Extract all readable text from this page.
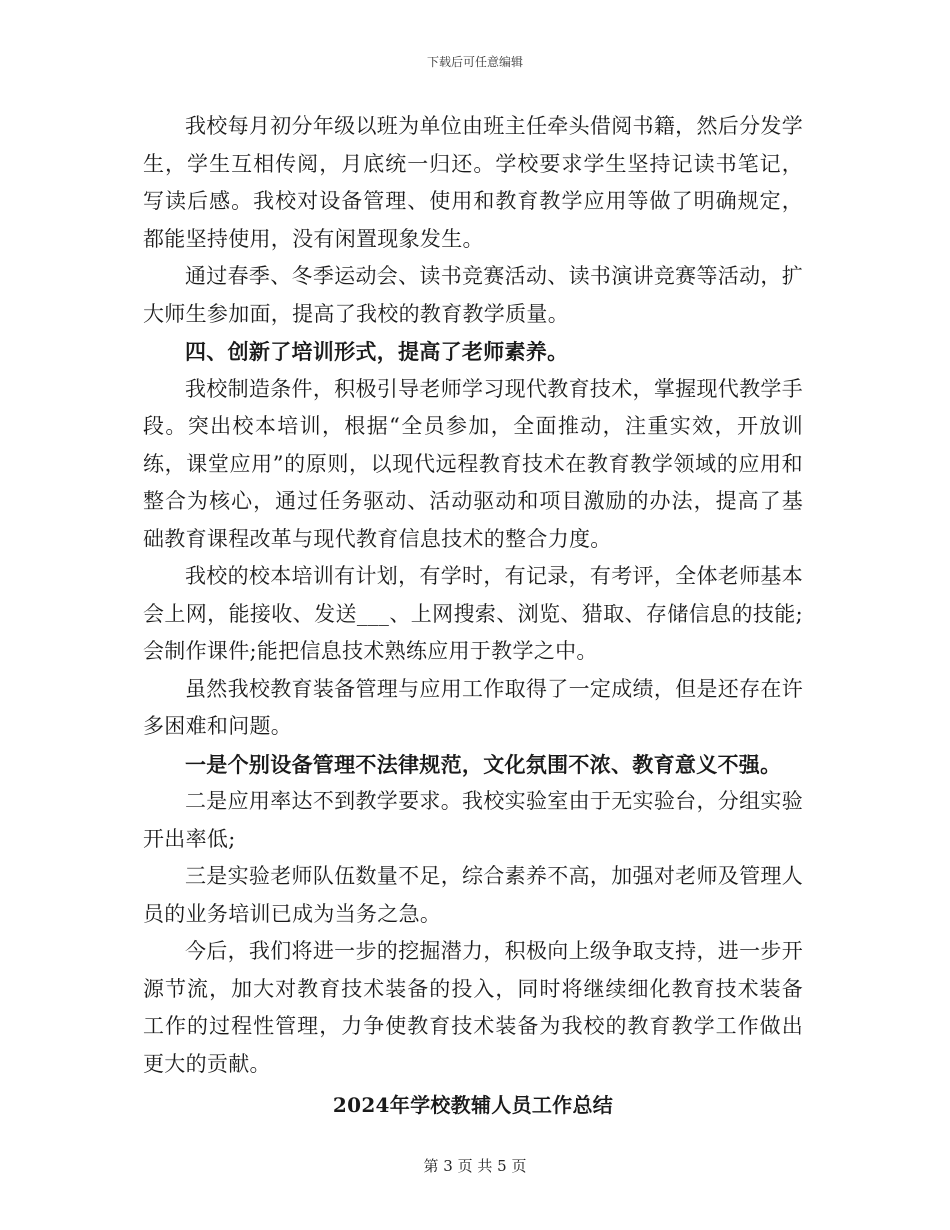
下载后可任意编辑

我校每月初分年级以班为单位由班主任牵头借阅书籍，然后分发学生，学生互相传阅，月底统一归还。学校要求学生坚持记读书笔记，写读后感。我校对设备管理、使用和教育教学应用等做了明确规定，都能坚持使用，没有闲置现象发生。

通过春季、冬季运动会、读书竞赛活动、读书演讲竞赛等活动，扩大师生参加面，提高了我校的教育教学质量。

四、创新了培训形式，提高了老师素养。

我校制造条件，积极引导老师学习现代教育技术，掌握现代教学手段。突出校本培训，根据“全员参加，全面推动，注重实效，开放训练，课堂应用”的原则，以现代远程教育技术在教育教学领域的应用和整合为核心，通过任务驱动、活动驱动和项目激励的办法，提高了基础教育课程改革与现代教育信息技术的整合力度。

我校的校本培训有计划，有学时，有记录，有考评，全体老师基本会上网，能接收、发送___、上网搜索、浏览、猎取、存储信息的技能;会制作课件;能把信息技术熟练应用于教学之中。

虽然我校教育装备管理与应用工作取得了一定成绩，但是还存在许多困难和问题。

一是个别设备管理不法律规范，文化氛围不浓、教育意义不强。

二是应用率达不到教学要求。我校实验室由于无实验台，分组实验开出率低;

三是实验老师队伍数量不足，综合素养不高，加强对老师及管理人员的业务培训已成为当务之急。

今后，我们将进一步的挖掘潜力，积极向上级争取支持，进一步开源节流，加大对教育技术装备的投入，同时将继续细化教育技术装备工作的过程性管理，力争使教育技术装备为我校的教育教学工作做出更大的贡献。

2024年学校教辅人员工作总结
第 3 页 共 5 页
